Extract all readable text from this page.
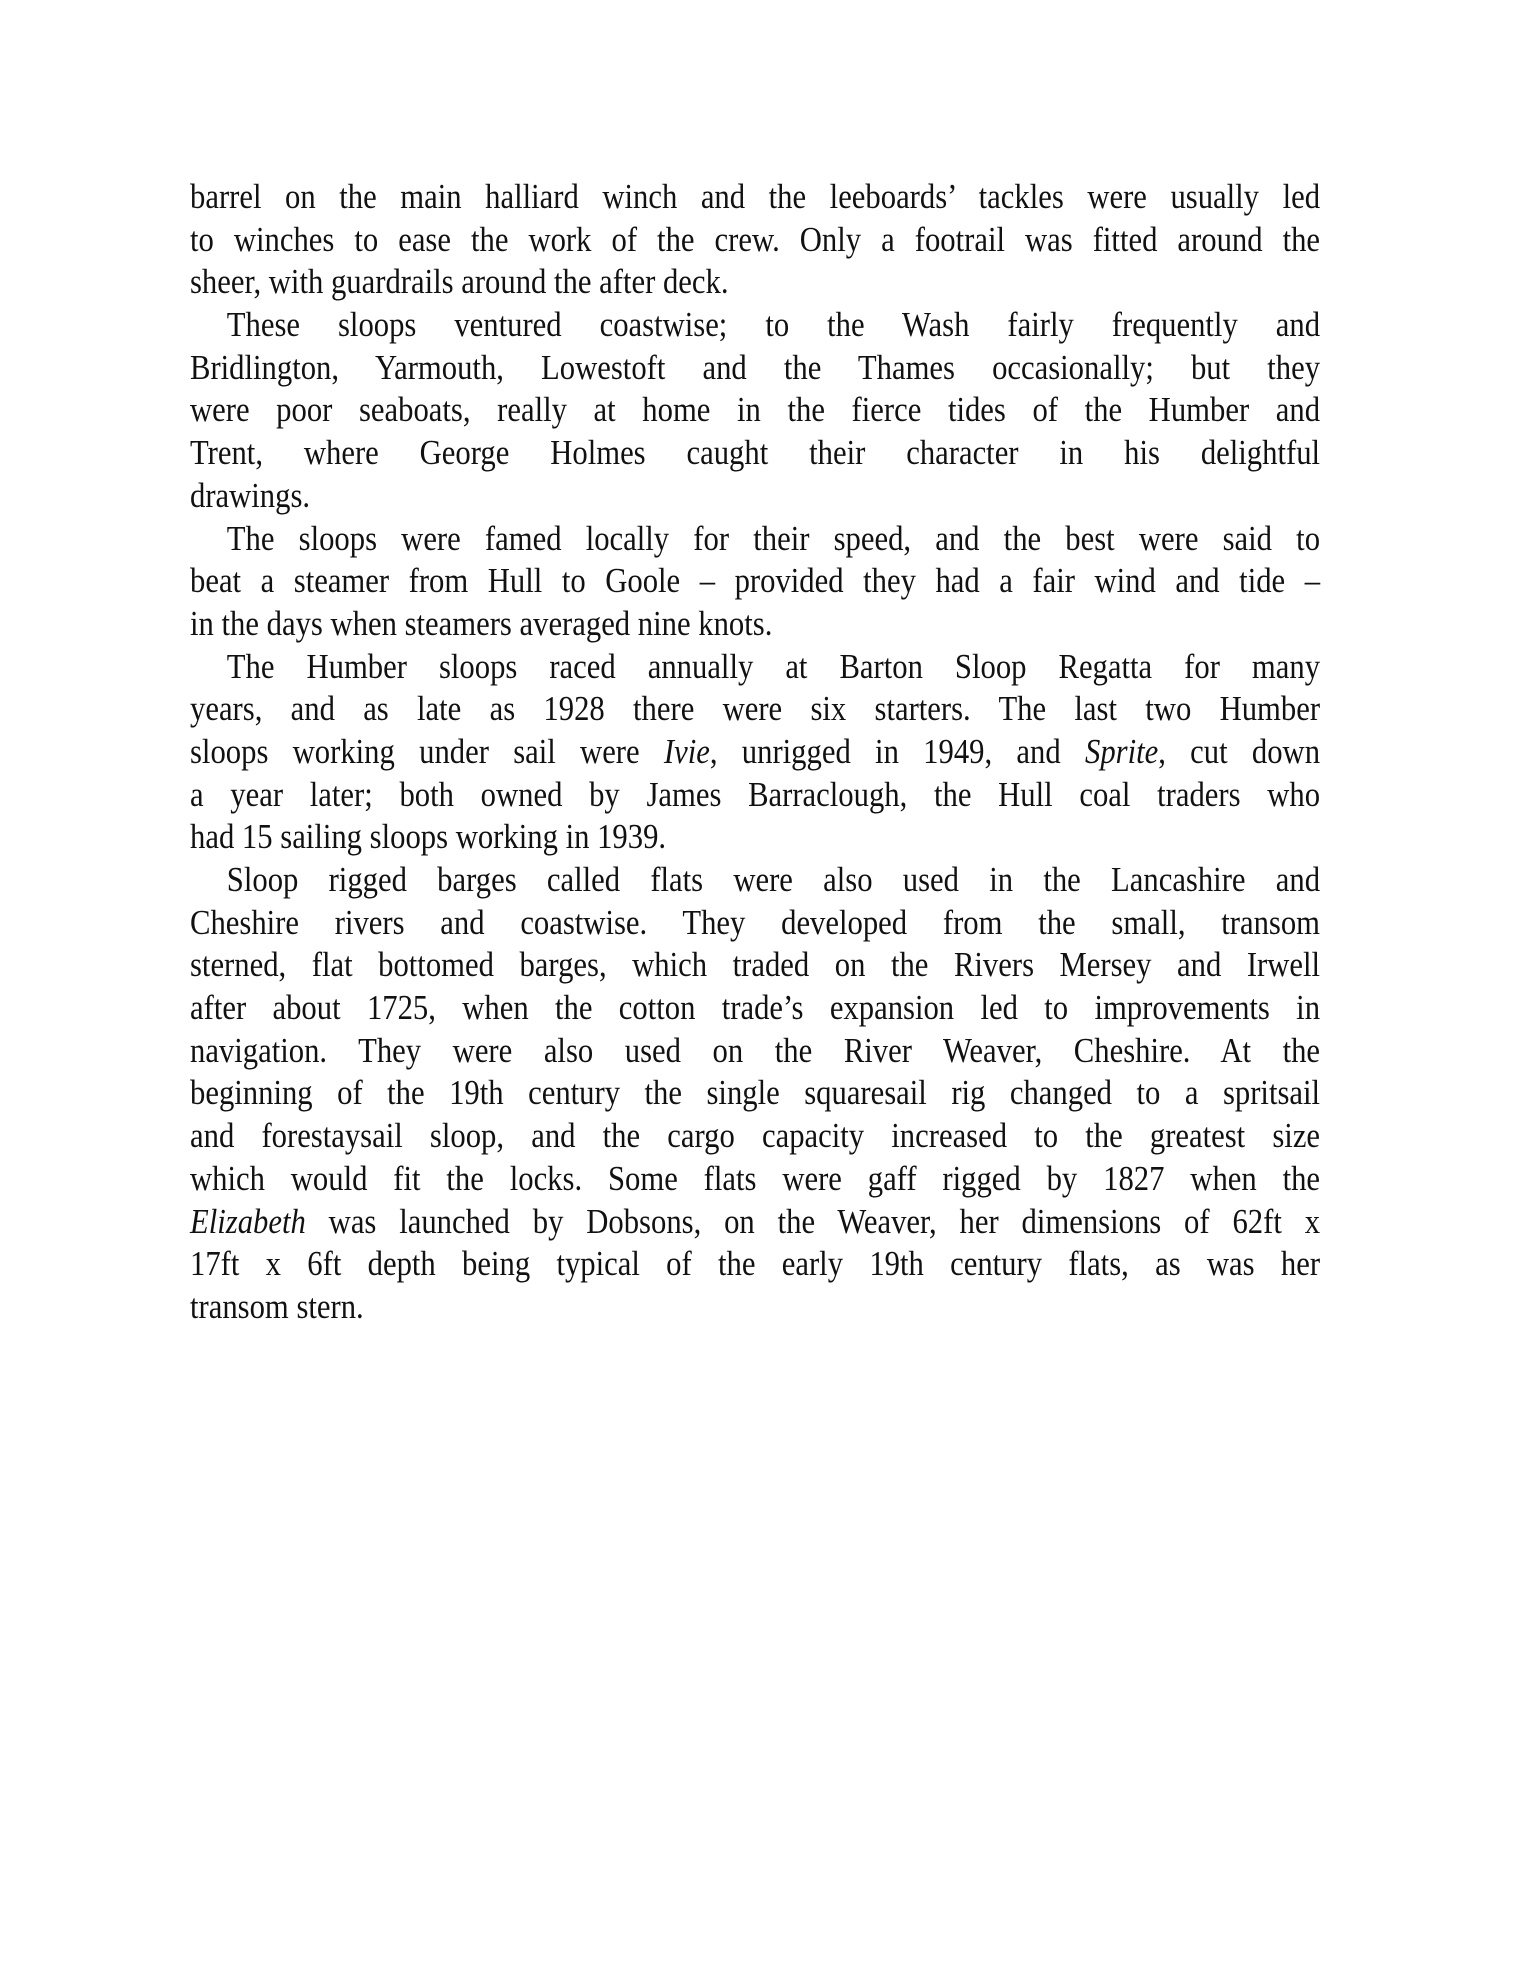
barrel on the main halliard winch and the leeboards’ tackles were usually led
to winches to ease the work of the crew. Only a footrail was fitted around the
sheer, with guardrails around the after deck.
These sloops ventured coastwise; to the Wash fairly frequently and
Bridlington, Yarmouth, Lowestoft and the Thames occasionally; but they
were poor seaboats, really at home in the fierce tides of the Humber and
Trent, where George Holmes caught their character in his delightful
drawings.
The sloops were famed locally for their speed, and the best were said to
beat a steamer from Hull to Goole – provided they had a fair wind and tide –
in the days when steamers averaged nine knots.
The Humber sloops raced annually at Barton Sloop Regatta for many
years, and as late as 1928 there were six starters. The last two Humber
sloops working under sail were Ivie, unrigged in 1949, and Sprite, cut down
a year later; both owned by James Barraclough, the Hull coal traders who
had 15 sailing sloops working in 1939.
Sloop rigged barges called flats were also used in the Lancashire and
Cheshire rivers and coastwise. They developed from the small, transom
sterned, flat bottomed barges, which traded on the Rivers Mersey and Irwell
after about 1725, when the cotton trade’s expansion led to improvements in
navigation. They were also used on the River Weaver, Cheshire. At the
beginning of the 19th century the single squaresail rig changed to a spritsail
and forestaysail sloop, and the cargo capacity increased to the greatest size
which would fit the locks. Some flats were gaff rigged by 1827 when the
Elizabeth was launched by Dobsons, on the Weaver, her dimensions of 62ft x
17ft x 6ft depth being typical of the early 19th century flats, as was her
transom stern.
